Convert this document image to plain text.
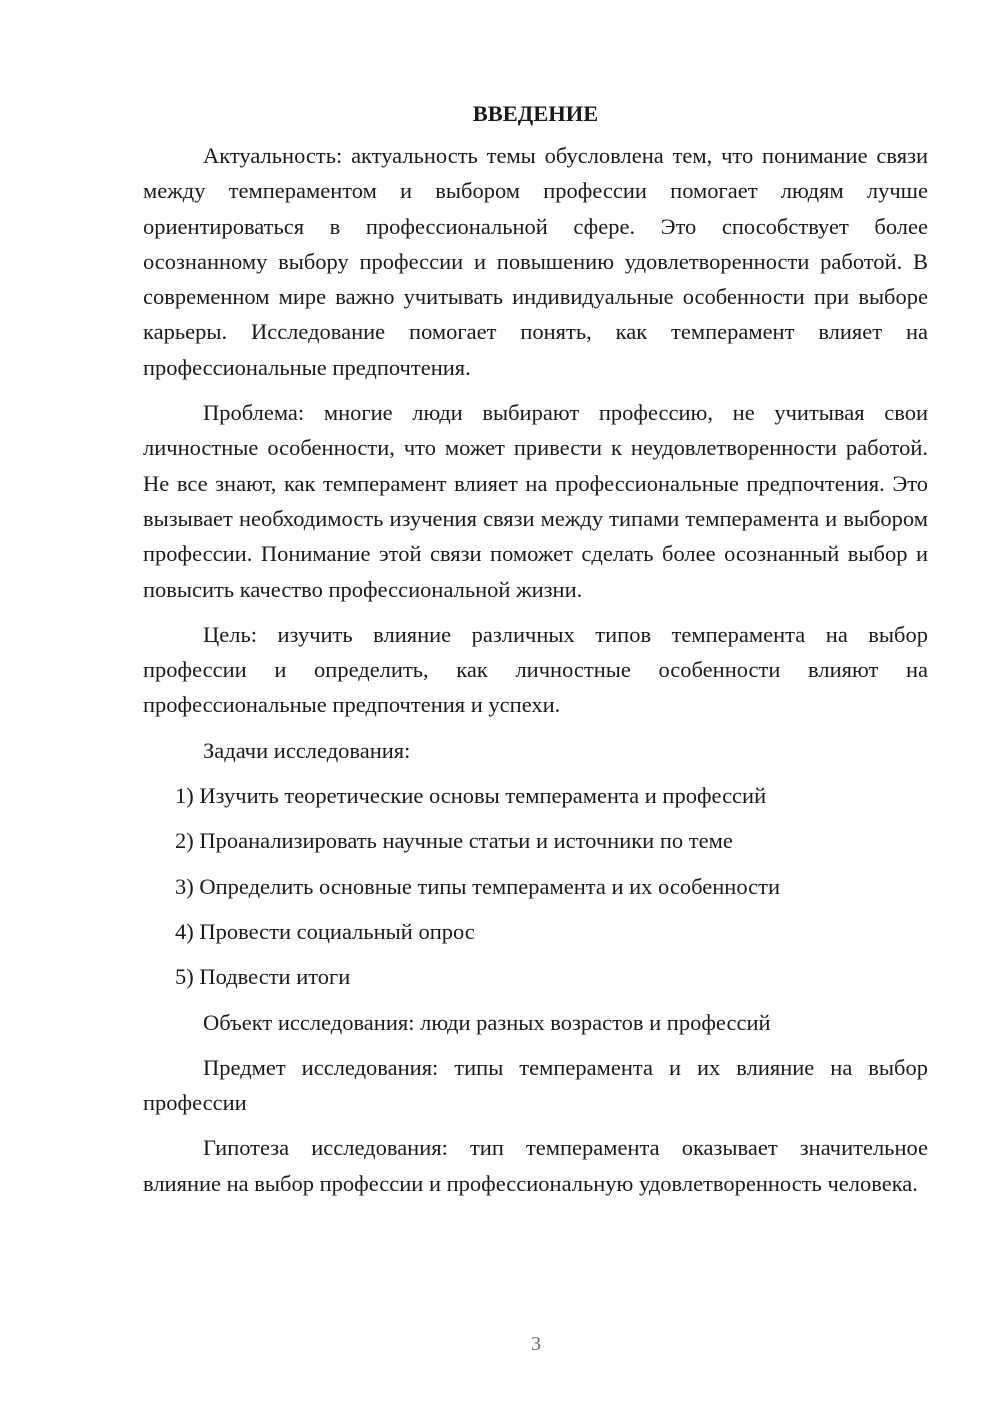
ВВЕДЕНИЕ

Актуальность: актуальность темы обусловлена тем, что понимание связи между темпераментом и выбором профессии помогает людям лучше ориентироваться в профессиональной сфере. Это способствует более осознанному выбору профессии и повышению удовлетворенности работой. В современном мире важно учитывать индивидуальные особенности при выборе карьеры. Исследование помогает понять, как темперамент влияет на профессиональные предпочтения.

Проблема: многие люди выбирают профессию, не учитывая свои личностные особенности, что может привести к неудовлетворенности работой. Не все знают, как темперамент влияет на профессиональные предпочтения. Это вызывает необходимость изучения связи между типами темперамента и выбором профессии. Понимание этой связи поможет сделать более осознанный выбор и повысить качество профессиональной жизни.

Цель: изучить влияние различных типов темперамента на выбор профессии и определить, как личностные особенности влияют на профессиональные предпочтения и успехи.

Задачи исследования:

1) Изучить теоретические основы темперамента и профессий
2) Проанализировать научные статьи и источники по теме
3) Определить основные типы темперамента и их особенности
4) Провести социальный опрос
5) Подвести итоги

Объект исследования: люди разных возрастов и профессий

Предмет исследования: типы темперамента и их влияние на выбор профессии

Гипотеза исследования: тип темперамента оказывает значительное влияние на выбор профессии и профессиональную удовлетворенность человека.

3
